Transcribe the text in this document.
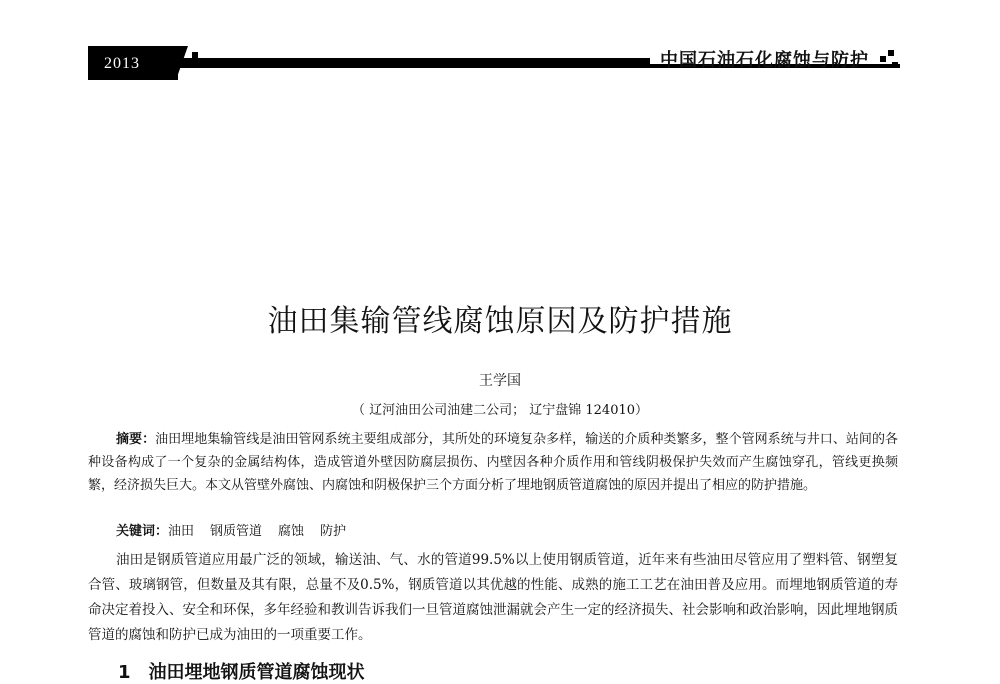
2013	中国石油石化腐蚀与防护
油田集输管线腐蚀原因及防护措施
王学国
（ 辽河油田公司油建二公司； 辽宁盘锦 124010）

摘要：油田埋地集输管线是油田管网系统主要组成部分，其所处的环境复杂多样，输送的介质种类繁多，整个管网系统与井口、站间的各种设备构成了一个复杂的金属结构体，造成管道外壁因防腐层损伤、内壁因各种介质作用和管线阴极保护失效而产生腐蚀穿孔，管线更换频繁，经济损失巨大。本文从管壁外腐蚀、内腐蚀和阴极保护三个方面分析了埋地钢质管道腐蚀的原因并提出了相应的防护措施。

关键词：油田 钢质管道 腐蚀 防护

油田是钢质管道应用最广泛的领域，输送油、气、水的管道99.5%以上使用钢质管道，近年来有些油田尽管应用了塑料管、钢塑复合管、玻璃钢管，但数量及其有限，总量不及0.5%，钢质管道以其优越的性能、成熟的施工工艺在油田普及应用。而埋地钢质管道的寿命决定着投入、安全和环保，多年经验和教训告诉我们一旦管道腐蚀泄漏就会产生一定的经济损失、社会影响和政治影响，因此埋地钢质管道的腐蚀和防护已成为油田的一项重要工作。

1　油田埋地钢质管道腐蚀现状
